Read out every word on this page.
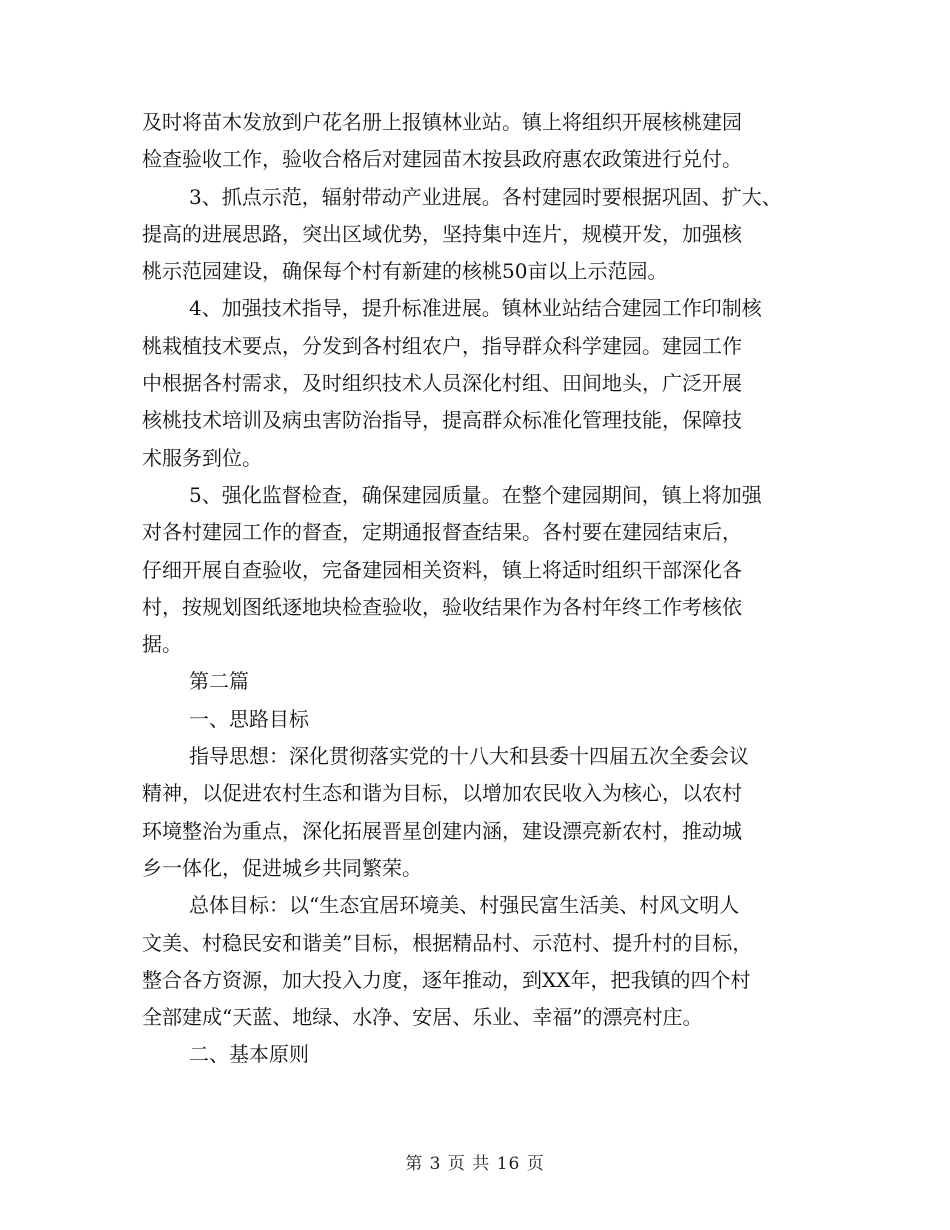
及时将苗木发放到户花名册上报镇林业站。镇上将组织开展核桃建园
检查验收工作，验收合格后对建园苗木按县政府惠农政策进行兑付。
3、抓点示范，辐射带动产业进展。各村建园时要根据巩固、扩大、
提高的进展思路，突出区域优势，坚持集中连片，规模开发，加强核
桃示范园建设，确保每个村有新建的核桃50亩以上示范园。
4、加强技术指导，提升标准进展。镇林业站结合建园工作印制核
桃栽植技术要点，分发到各村组农户，指导群众科学建园。建园工作
中根据各村需求，及时组织技术人员深化村组、田间地头，广泛开展
核桃技术培训及病虫害防治指导，提高群众标准化管理技能，保障技
术服务到位。
5、强化监督检查，确保建园质量。在整个建园期间，镇上将加强
对各村建园工作的督查，定期通报督查结果。各村要在建园结束后，
仔细开展自查验收，完备建园相关资料，镇上将适时组织干部深化各
村，按规划图纸逐地块检查验收，验收结果作为各村年终工作考核依
据。
第二篇
一、思路目标
指导思想：深化贯彻落实党的十八大和县委十四届五次全委会议
精神，以促进农村生态和谐为目标，以增加农民收入为核心，以农村
环境整治为重点，深化拓展晋星创建内涵，建设漂亮新农村，推动城
乡一体化，促进城乡共同繁荣。
总体目标：以“生态宜居环境美、村强民富生活美、村风文明人
文美、村稳民安和谐美”目标，根据精品村、示范村、提升村的目标，
整合各方资源，加大投入力度，逐年推动，到XX年，把我镇的四个村
全部建成“天蓝、地绿、水净、安居、乐业、幸福”的漂亮村庄。
二、基本原则
第 3 页 共 16 页
